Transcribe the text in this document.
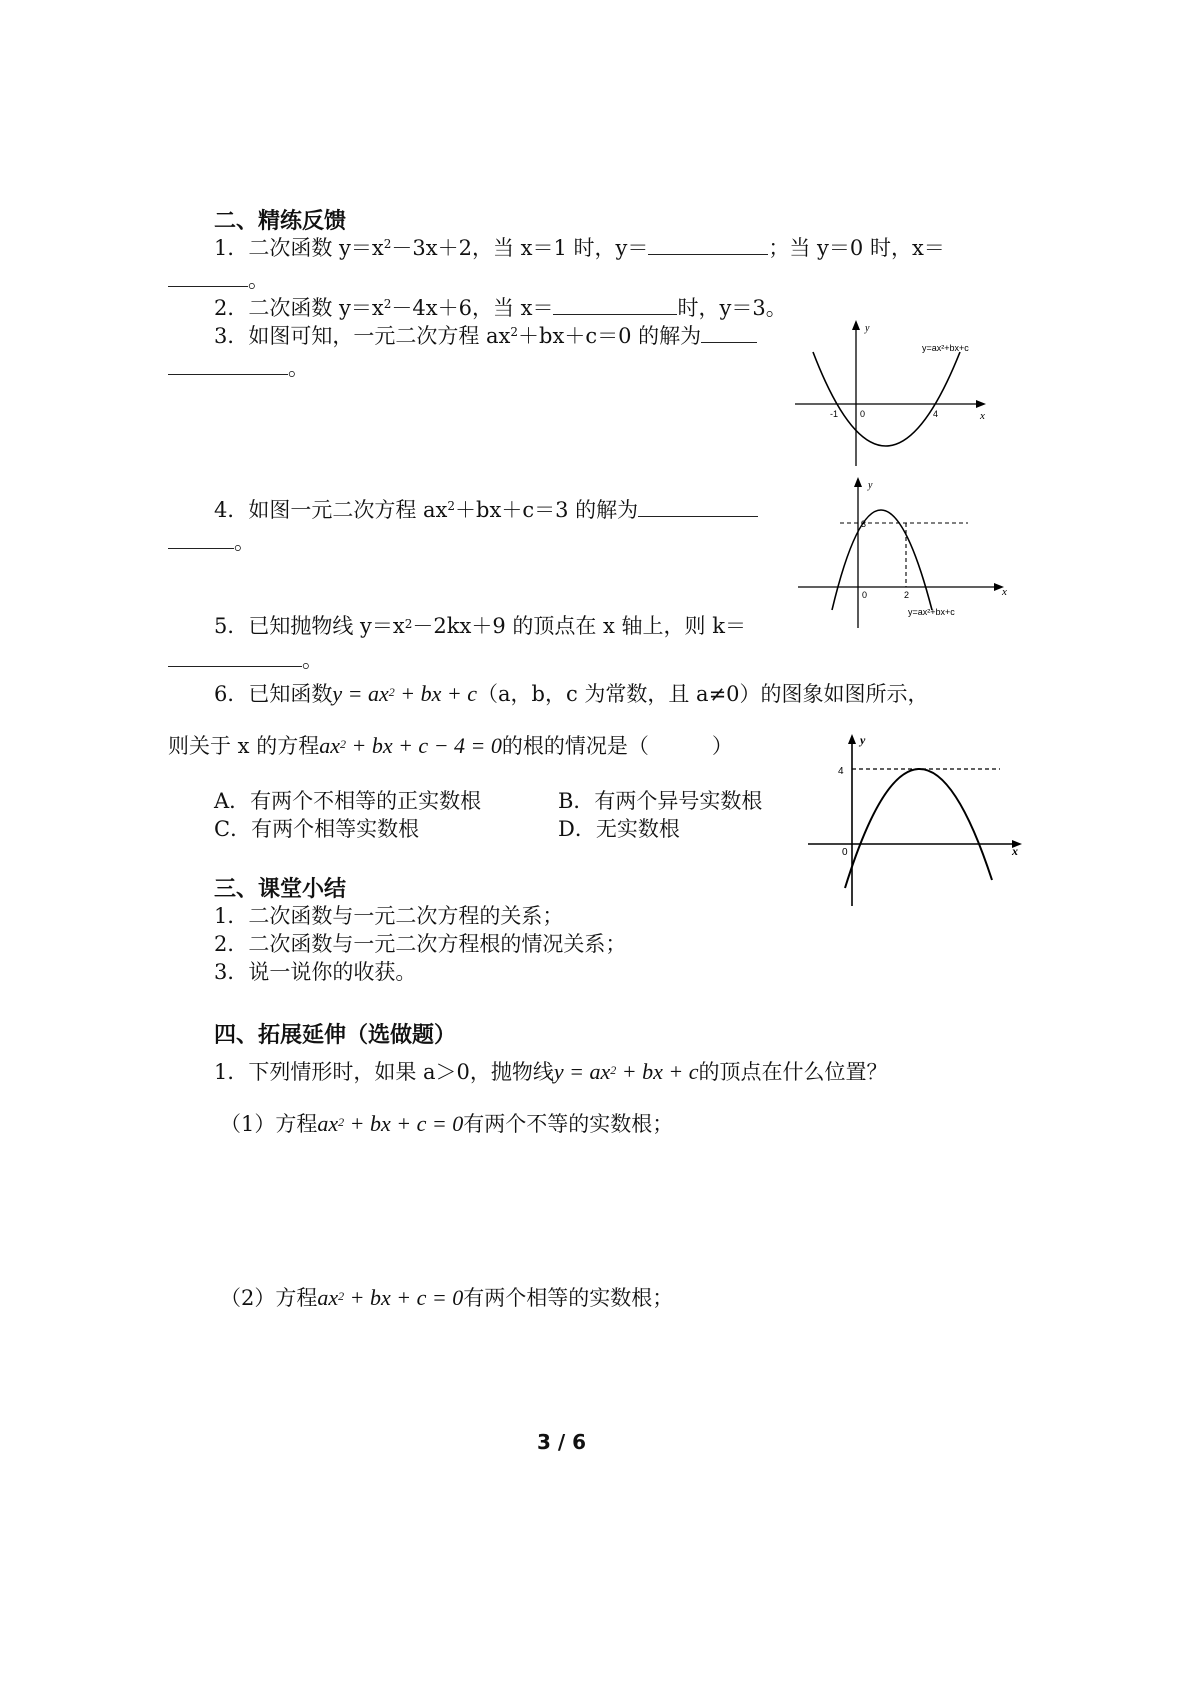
二、精练反馈
1．二次函数 $y=x^2-3x+2$，当 x＝1 时，y＝	；当 y＝0 时，x＝
。
2．二次函数 $y=x^2-4x+6$，当 x＝	时，y＝3。
3．如图可知，一元二次方程 $ax^2+bx+c=0$ 的解为
。
y
x
0
-1	4
y=ax²+bx+c
4．如图一元二次方程 $ax^2+bx+c=3$ 的解为
。
y
x
0
3
2
y=ax²+bx+c
5．已知抛物线 $y=x^2-2kx+9$ 的顶点在 x 轴上，则 k＝
。
6．已知函数$y = ax^2$ + bx + c（a，b，c 为常数，且 a≠0）的图象如图所示，
则关于 x 的方程$ax^2$ + bx + c − 4 = 0的根的情况是（　　　）
A．有两个不相等的正实数根	B．有两个异号实数根
C．有两个相等实数根	D．无实数根
y
x
0
4
三、课堂小结
1．二次函数与一元二次方程的关系；
2．二次函数与一元二次方程根的情况关系；
3．说一说你的收获。
四、拓展延伸（选做题）
1．下列情形时，如果 a＞0，抛物线$y = ax^2$ + bx + c的顶点在什么位置？
（1）方程$ax^2$ + bx + c = 0有两个不等的实数根；
（2）方程$ax^2$ + bx + c = 0有两个相等的实数根；
3 / 6
